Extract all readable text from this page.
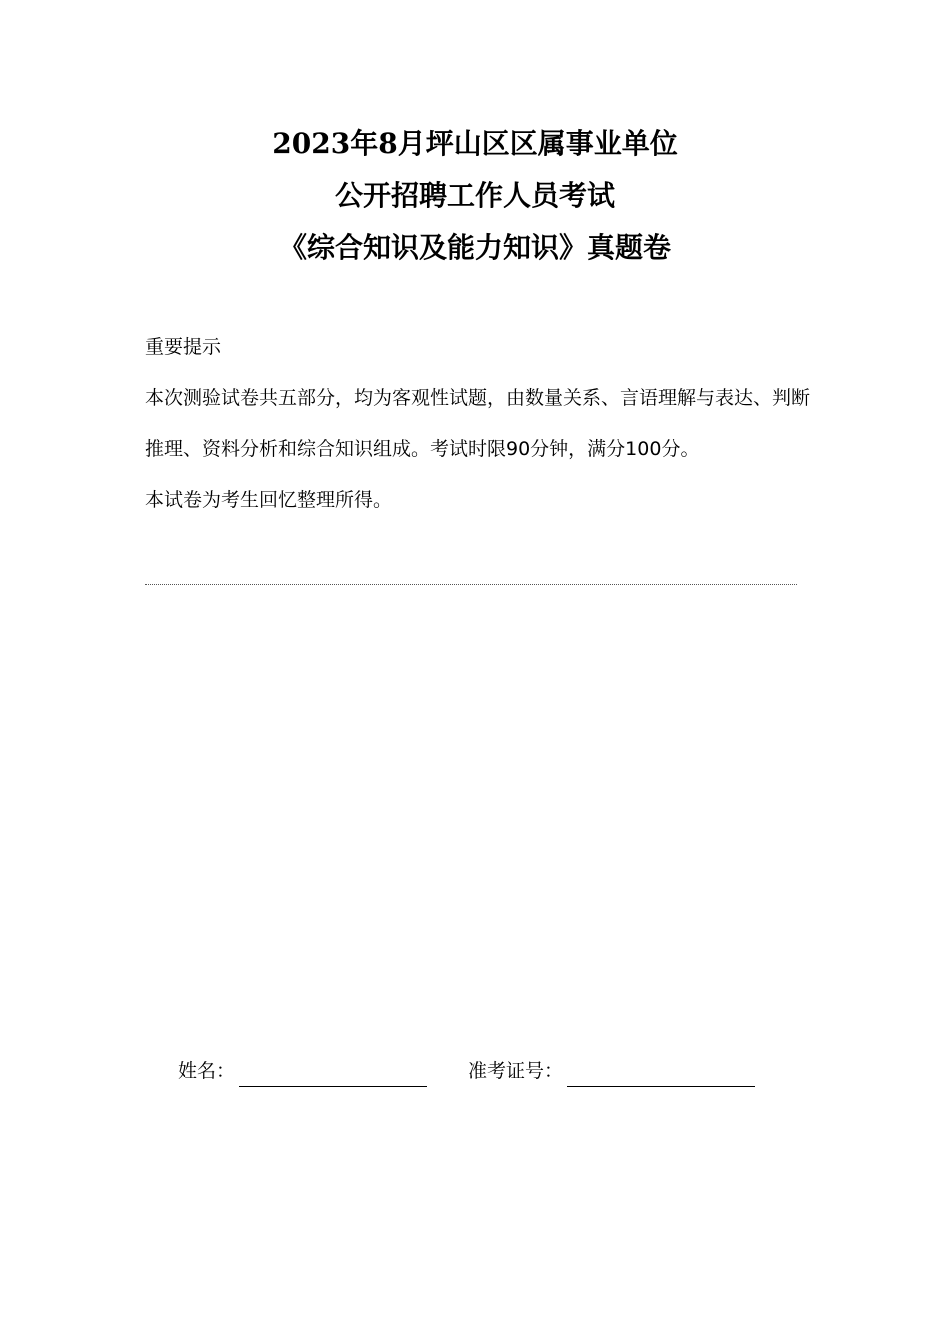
2023年8月坪山区区属事业单位
公开招聘工作人员考试
《综合知识及能力知识》真题卷

重要提示

本次测验试卷共五部分，均为客观性试题，由数量关系、言语理解与表达、判断推理、资料分析和综合知识组成。考试时限90分钟，满分100分。

本试卷为考生回忆整理所得。

姓名：	准考证号：
